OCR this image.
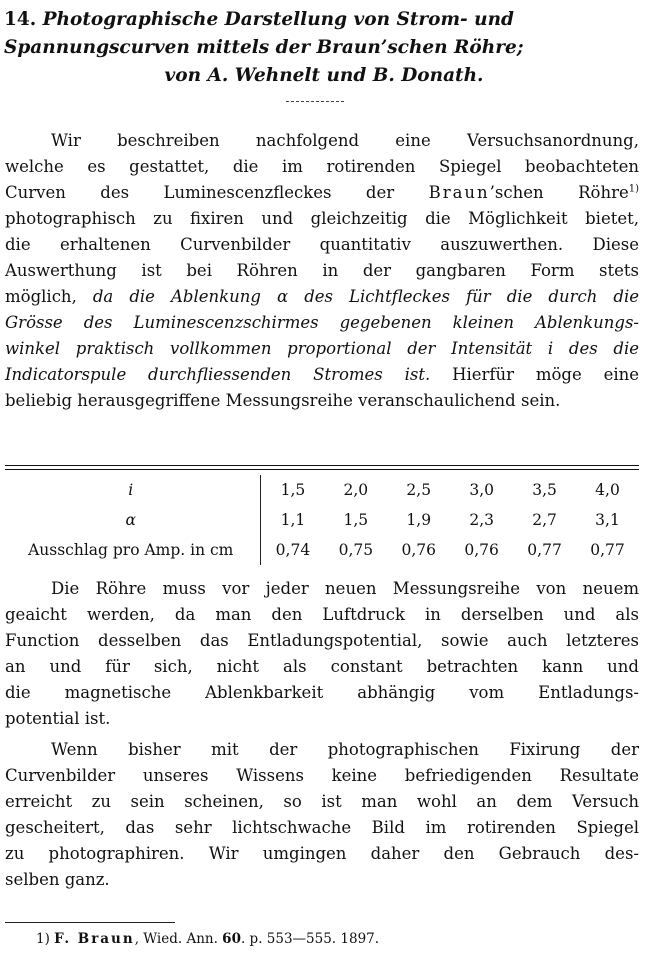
14. Photographische Darstellung von Strom- und
Spannungscurven mittels der Braun’schen Röhre;
von A. Wehnelt und B. Donath.
Wir beschreiben nachfolgend eine Versuchsanordnung,
welche es gestattet, die im rotirenden Spiegel beobachteten
Curven des Luminescenzfleckes der Braun’schen Röhre$^{1)}$
photographisch zu fixiren und gleichzeitig die Möglichkeit bietet,
die erhaltenen Curvenbilder quantitativ auszuwerthen. Diese
Auswerthung ist bei Röhren in der gangbaren Form stets
möglich, da die Ablenkung α des Lichtfleckes für die durch die
Grösse des Luminescenzschirmes gegebenen kleinen Ablenkungs-
winkel praktisch vollkommen proportional der Intensität i des die
Indicatorspule durchfliessenden Stromes ist. Hierfür möge eine
beliebig herausgegriffene Messungsreihe veranschaulichend sein.
i	1,5	2,0	2,5	3,0	3,5	4,0
α	1,1	1,5	1,9	2,3	2,7	3,1
Ausschlag pro Amp. in cm	0,74	0,75	0,76	0,76	0,77	0,77
Die Röhre muss vor jeder neuen Messungsreihe von neuem
geaicht werden, da man den Luftdruck in derselben und als
Function desselben das Entladungspotential, sowie auch letzteres
an und für sich, nicht als constant betrachten kann und
die magnetische Ablenkbarkeit abhängig vom Entladungs-
potential ist.
Wenn bisher mit der photographischen Fixirung der
Curvenbilder unseres Wissens keine befriedigenden Resultate
erreicht zu sein scheinen, so ist man wohl an dem Versuch
gescheitert, das sehr lichtschwache Bild im rotirenden Spiegel
zu photographiren. Wir umgingen daher den Gebrauch des-
selben ganz.
1) F. Braun, Wied. Ann. 60. p. 553—555. 1897.
